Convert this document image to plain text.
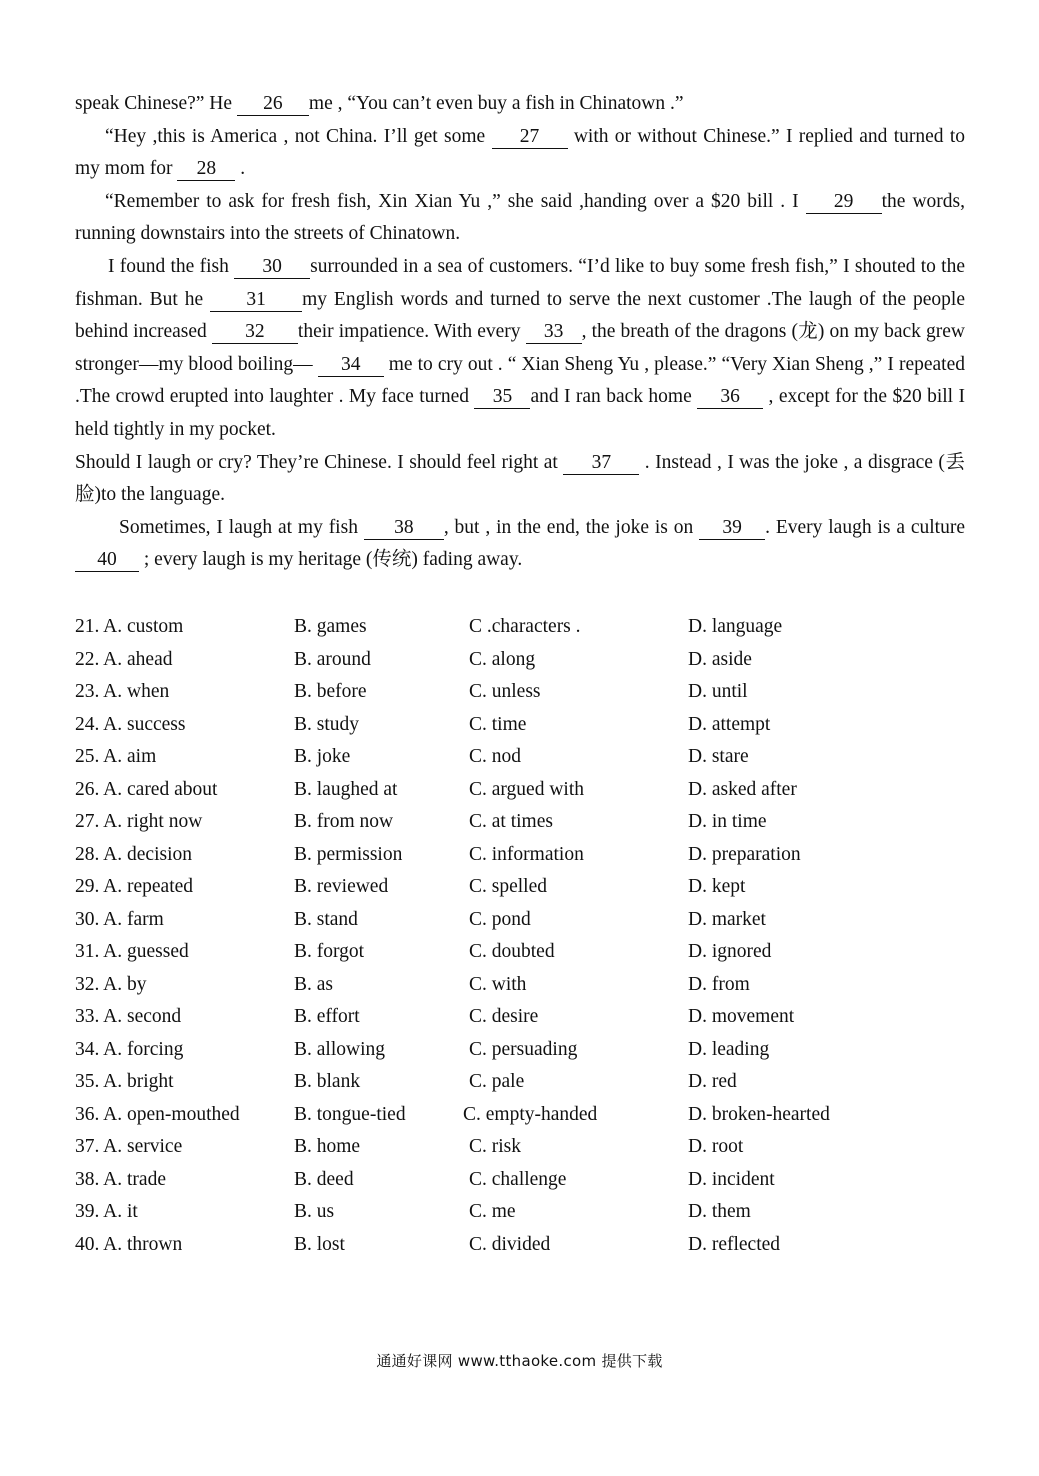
speak Chinese?” He 26 me , “You can’t even buy a fish in Chinatown .”

“Hey ,this is America , not China. I’ll get some 27 with or without Chinese.” I replied and turned to my mom for 28 .

“Remember to ask for fresh fish, Xin Xian Yu ,” she said ,handing over a $20 bill . I 29 the words, running downstairs into the streets of Chinatown.

I found the fish 30 surrounded in a sea of customers. “I’d like to buy some fresh fish,” I shouted to the fishman. But he 31 my English words and turned to serve the next customer .The laugh of the people behind increased 32 their impatience. With every 33 , the breath of the dragons (龙) on my back grew stronger—my blood boiling— 34 me to cry out . “ Xian Sheng Yu , please.” “Very Xian Sheng ,” I repeated .The crowd erupted into laughter . My face turned 35 and I ran back home 36 , except for the $20 bill I held tightly in my pocket.

Should I laugh or cry? They’re Chinese. I should feel right at 37 . Instead , I was the joke , a disgrace (丢脸)to the language.

Sometimes, I laugh at my fish 38 , but , in the end, the joke is on 39 . Every laugh is a culture40 ; every laugh is my heritage (传统) fading away.

21. A. custom	B. games	C .characters .	D. language
22. A. ahead	B. around	C. along	D. aside
23. A. when	B. before	C. unless	D. until
24. A. success	B. study	C. time	D. attempt
25. A. aim	B. joke	C. nod	D. stare
26. A. cared about	B. laughed at	C. argued with	D. asked after
27. A. right now	B. from now	C. at times	D. in time
28. A. decision	B. permission	C. information	D. preparation
29. A. repeated	B. reviewed	C. spelled	D. kept
30. A. farm	B. stand	C. pond	D. market
31. A. guessed	B. forgot	C. doubted	D. ignored
32. A. by	B. as	C. with	D. from
33. A. second	B. effort	C. desire	D. movement
34. A. forcing	B. allowing	C. persuading	D. leading
35. A. bright	B. blank	C. pale	D. red
36. A. open-mouthed	B. tongue-tied	C. empty-handed	D. broken-hearted
37. A. service	B. home	C. risk	D. root
38. A. trade	B. deed	C. challenge	D. incident
39. A. it	B. us	C. me	D. them
40. A. thrown	B. lost	C. divided	D. reflected
通通好课网 www.tthaoke.com 提供下载
